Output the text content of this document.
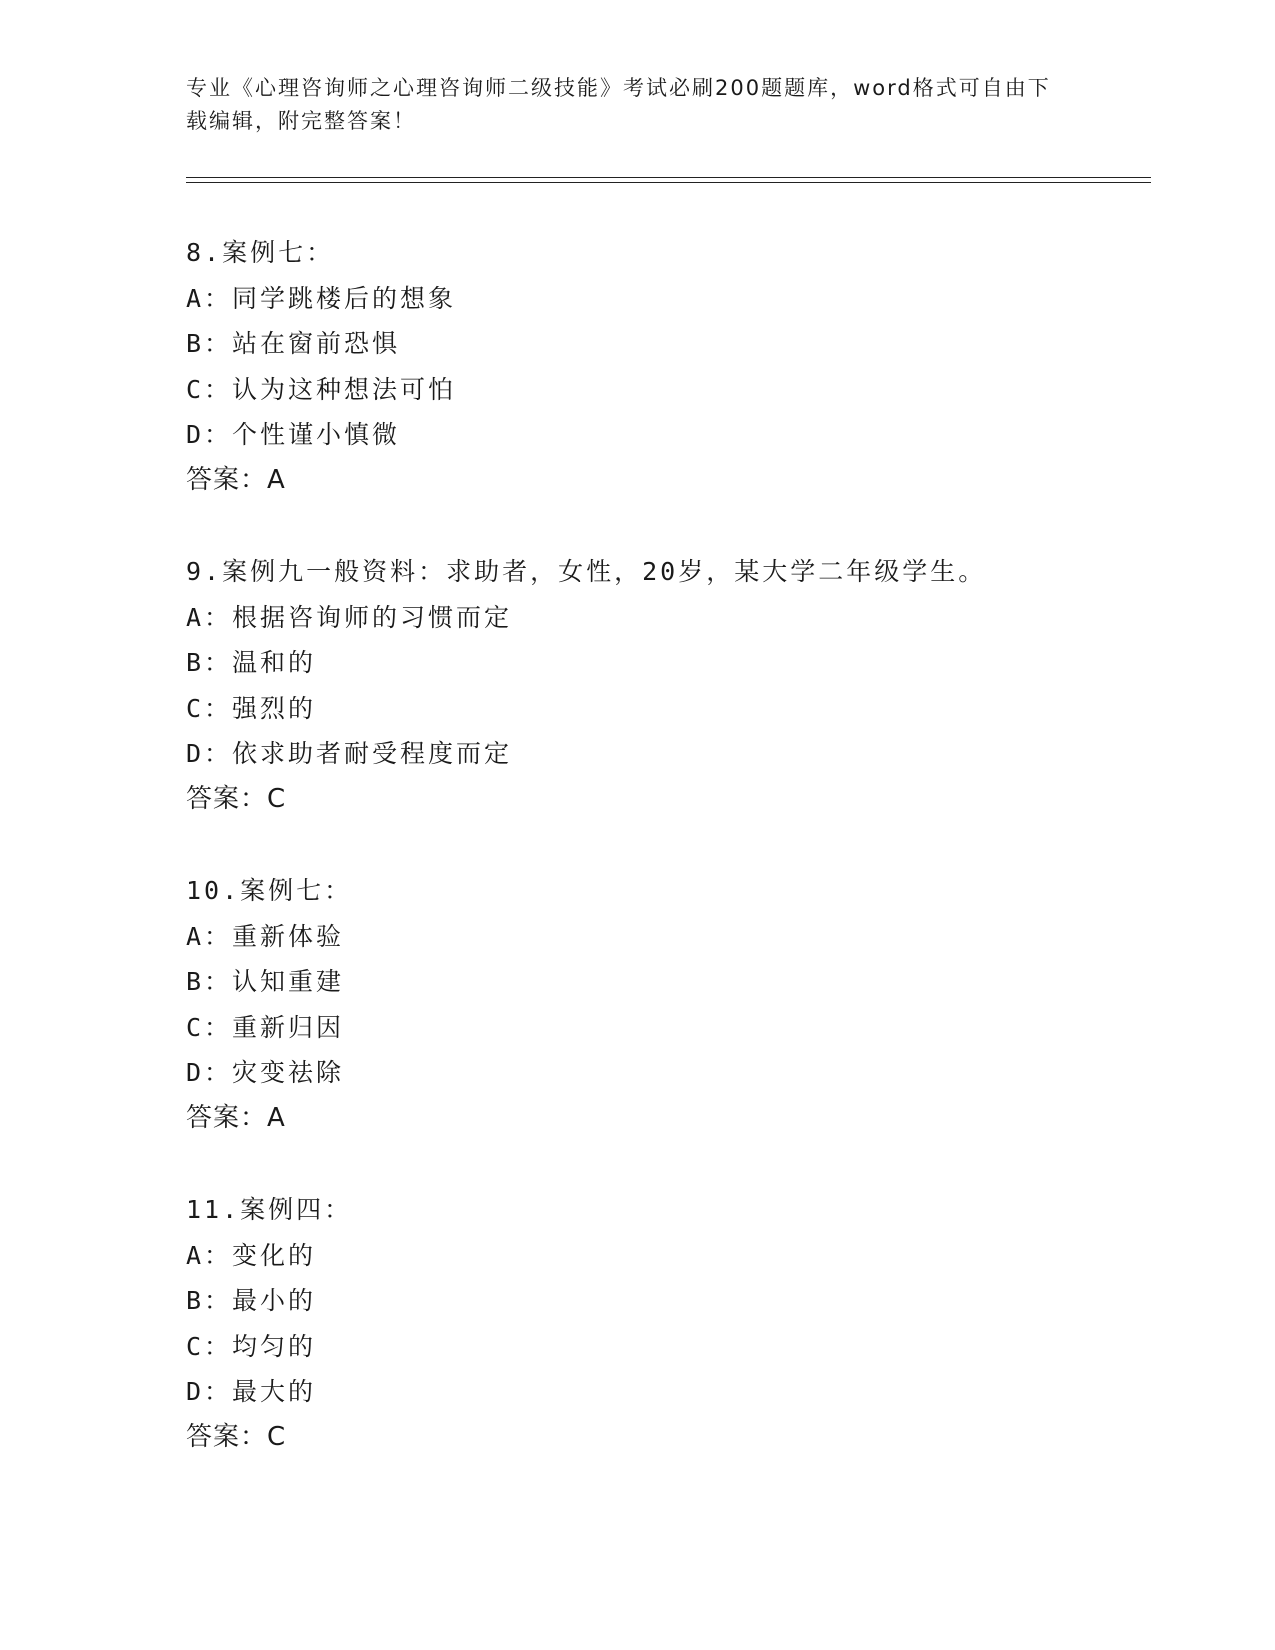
专业《心理咨询师之心理咨询师二级技能》考试必刷200题题库，word格式可自由下载编辑，附完整答案！
8.案例七：
A：同学跳楼后的想象
B：站在窗前恐惧
C：认为这种想法可怕
D：个性谨小慎微
答案：A
9.案例九一般资料：求助者，女性，20岁，某大学二年级学生。
A：根据咨询师的习惯而定
B：温和的
C：强烈的
D：依求助者耐受程度而定
答案：C
10.案例七：
A：重新体验
B：认知重建
C：重新归因
D：灾变祛除
答案：A
11.案例四：
A：变化的
B：最小的
C：均匀的
D：最大的
答案：C
